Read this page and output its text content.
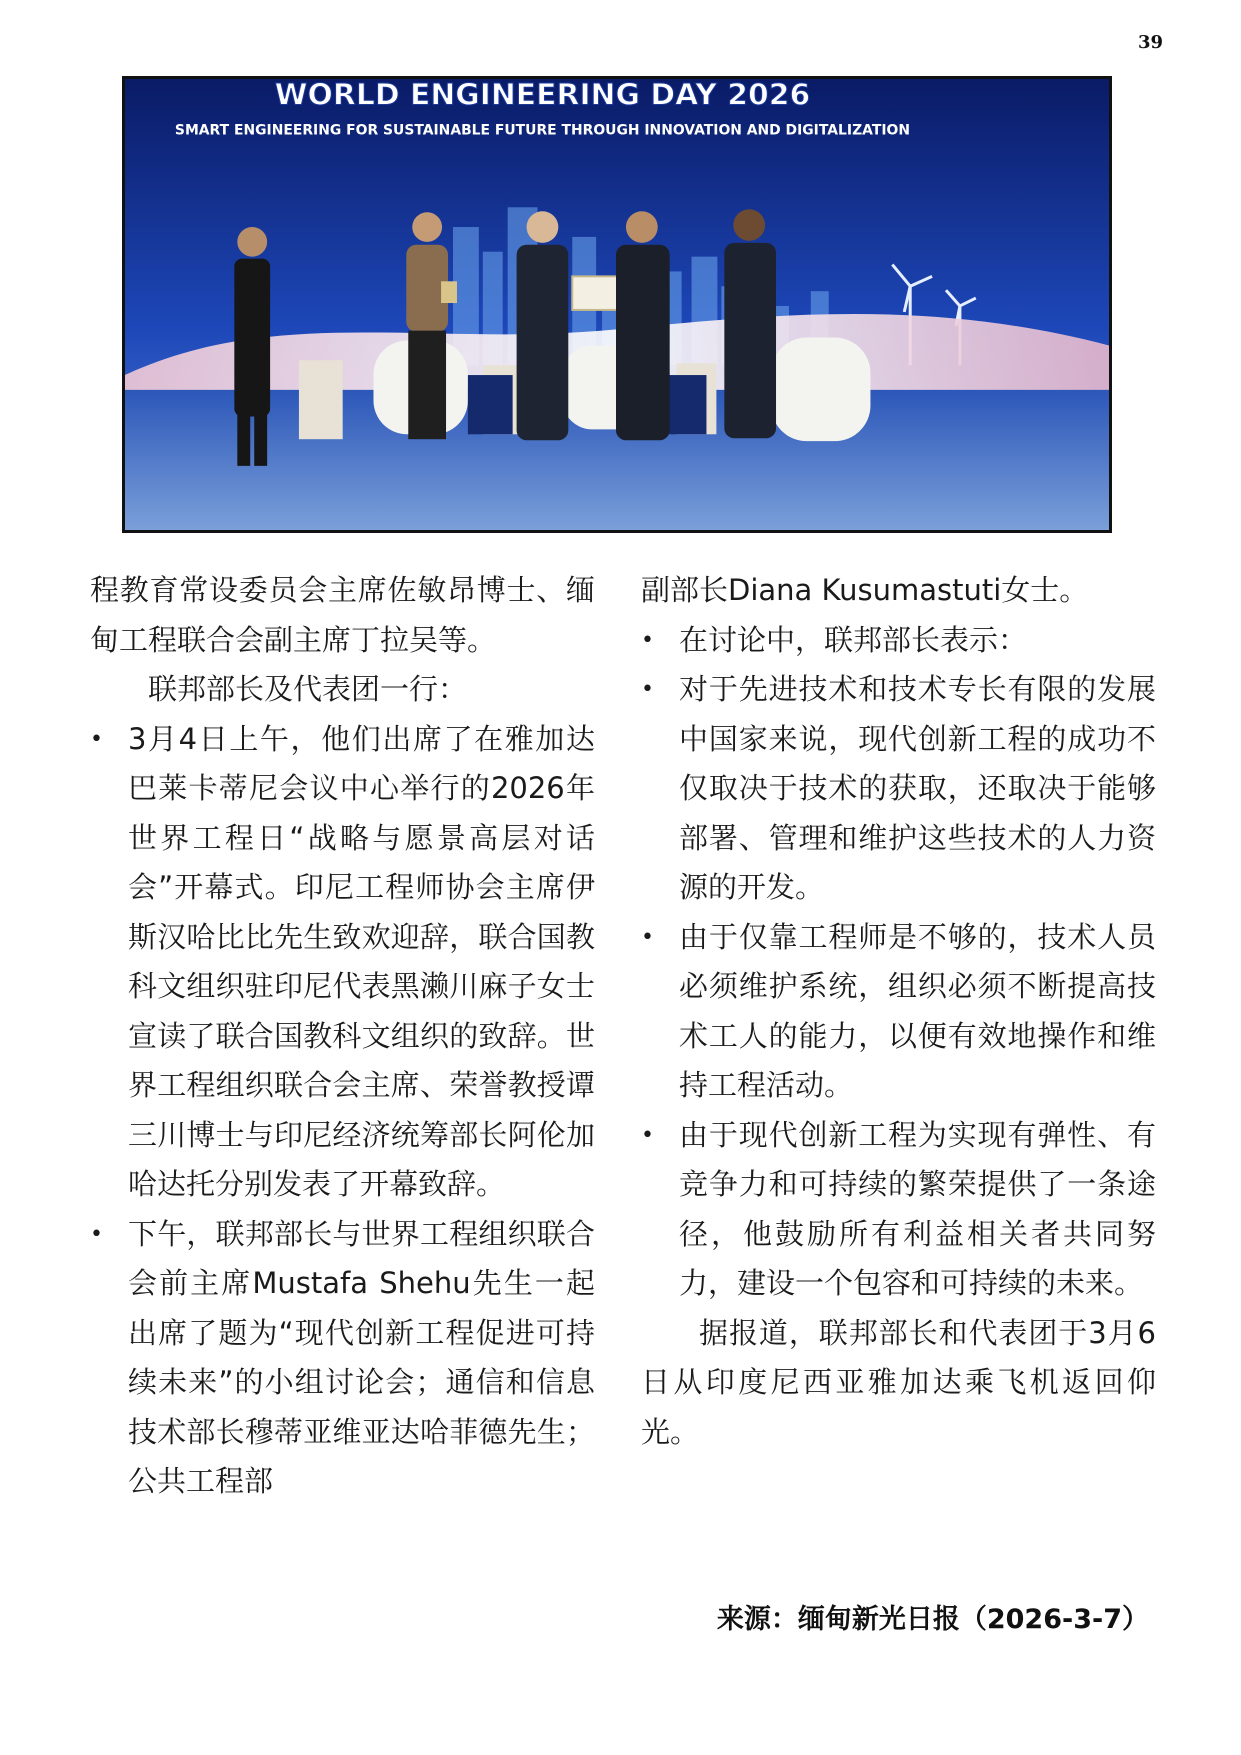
39
WORLD ENGINEERING DAY 2026
SMART ENGINEERING FOR SUSTAINABLE FUTURE THROUGH INNOVATION AND DIGITALIZATION

程教育常设委员会主席佐敏昂博士、缅甸工程联合会副主席丁拉吴等。

联邦部长及代表团一行：

• 3月4日上午，他们出席了在雅加达巴莱卡蒂尼会议中心举行的2026年世界工程日“战略与愿景高层对话会”开幕式。印尼工程师协会主席伊斯汉哈比比先生致欢迎辞，联合国教科文组织驻印尼代表黑濑川麻子女士宣读了联合国教科文组织的致辞。世界工程组织联合会主席、荣誉教授谭三川博士与印尼经济统筹部长阿伦加哈达托分别发表了开幕致辞。
• 下午，联邦部长与世界工程组织联合会前主席Mustafa Shehu先生一起出席了题为“现代创新工程促进可持续未来”的小组讨论会；通信和信息技术部长穆蒂亚维亚达哈菲德先生；公共工程部

副部长Diana Kusumastuti女士。

• 在讨论中，联邦部长表示：
• 对于先进技术和技术专长有限的发展中国家来说，现代创新工程的成功不仅取决于技术的获取，还取决于能够部署、管理和维护这些技术的人力资源的开发。
• 由于仅靠工程师是不够的，技术人员必须维护系统，组织必须不断提高技术工人的能力，以便有效地操作和维持工程活动。
• 由于现代创新工程为实现有弹性、有竞争力和可持续的繁荣提供了一条途径，他鼓励所有利益相关者共同努力，建设一个包容和可持续的未来。

据报道，联邦部长和代表团于3月6日从印度尼西亚雅加达乘飞机返回仰光。

来源：缅甸新光日报（2026-3-7）
